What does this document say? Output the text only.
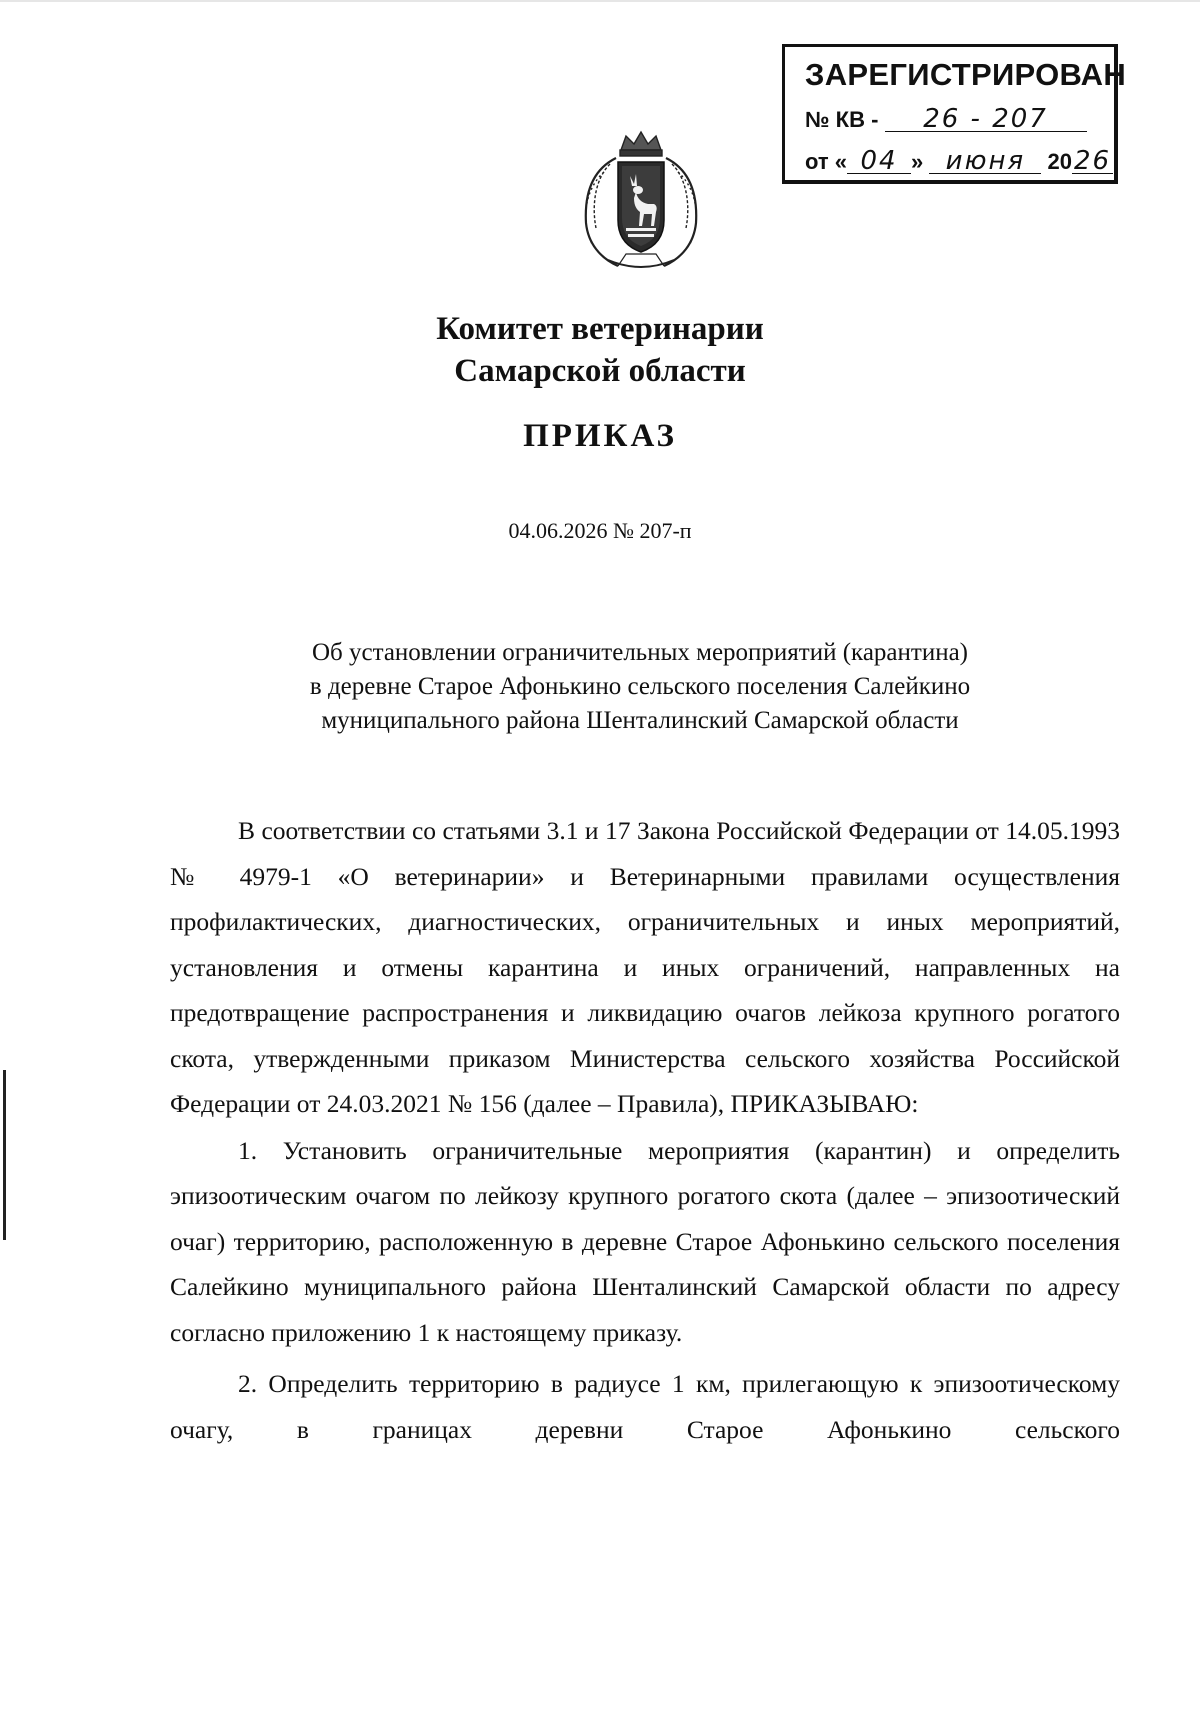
ЗАРЕГИСТРИРОВАН
№ КВ - 26 - 207
от « 04 » июня 2026
Комитет ветеринарии
Самарской области
ПРИКАЗ
04.06.2026 № 207-п
Об установлении ограничительных мероприятий (карантина)
в деревне Старое Афонькино сельского поселения Салейкино
муниципального района Шенталинский Самарской области

В соответствии со статьями 3.1 и 17 Закона Российской Федерации от 14.05.1993 № 4979-1 «О ветеринарии» и Ветеринарными правилами осуществления профилактических, диагностических, ограничительных и иных мероприятий, установления и отмены карантина и иных ограничений, направленных на предотвращение распространения и ликвидацию очагов лейкоза крупного рогатого скота, утвержденными приказом Министерства сельского хозяйства Российской Федерации от 24.03.2021 № 156 (далее – Правила), ПРИКАЗЫВАЮ:

1. Установить ограничительные мероприятия (карантин) и определить эпизоотическим очагом по лейкозу крупного рогатого скота (далее – эпизоотический очаг) территорию, расположенную в деревне Старое Афонькино сельского поселения Салейкино муниципального района Шенталинский Самарской области по адресу согласно приложению 1 к настоящему приказу.

2. Определить территорию в радиусе 1 км, прилегающую к эпизоотическому очагу, в границах деревни Старое Афонькино сельского
